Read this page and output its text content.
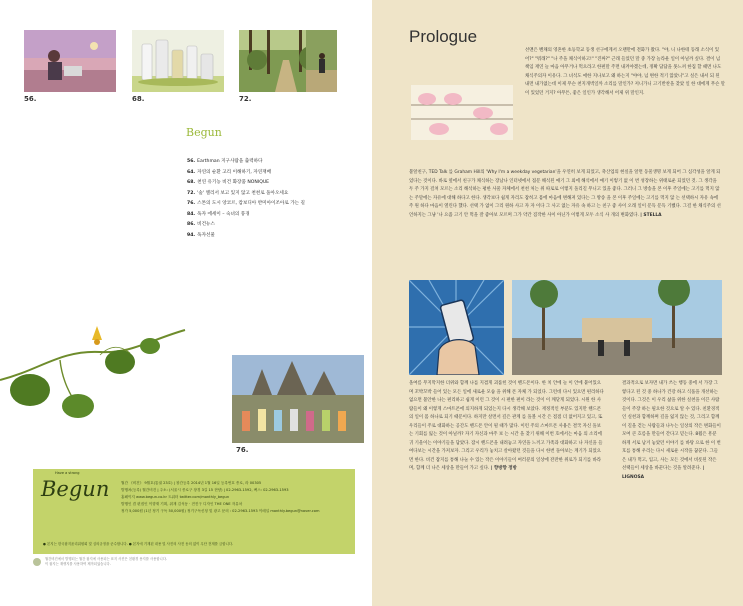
56.	68.	72.
Begun
56. Earthman 지구사람을 출력하다
64. 자연의 순환 고리 이해하기, 자연재배
68. 천연 유기농 비건 화장품 NONIQUE
72. '숲' 엘리서 보고 있지 않고 천천로 돌아오세요
76. 스톤의 도시 앙코르, 캄보디아 반미아이조아로 가는 길
84. 독자 에세이 – 숙녀의 풍경
86. 비건뉴스
94. 독자선물
76.
Have a strong
Begun	월간 《비건》 9월호(통권 23호) | 창간등록 2014년 1월 16일 등록번호 종로, 라 00305
발행처(등록) 월간비건 | 주소: (서울시 종로구 창경 3길 15 현양) | 02-2963-1592, 팩스: 02-2963-1593
홈페이지 www.begun.co.kr 트위터 twitter.com/monthly_begun
발행인 겸 편집인 이향재 기획, 취재 김석동 · 전진구 디자인 THE ONE 자유차
정가 5,000원 (1년 정기 구독 50,000원) 정기구독신청 및 광고 문의 : 02-2963-1593 이메일 monthly.begun@naver.com
● 본지는 한국잡지윤리위원회 및 심의규정을 준수합니다. ● 본지에 기재된 내용 및 사진의 사전 동의 없이 무단 전재를 금합니다.
월간비건에서 발행되는 월간 잡지에 사용되는 표지 사진은 친환경 용지를 사용합니다.
이 잡지는 재생지를 사용하여 제작되었습니다.
Prologue

선맨은 벤채의 영혼한 초등학교 동생 선구에게서 오랜만에 전화가 왔다. "야, 니 나한테 동래 소식이 있어?" "뭐래?" "나 주을 채식이하고!" "진짜?" 근래 들었던 말 중 가장 놀라운 일이 아닐까 싶다. 결이 넘 책임 재연 늘 마음 아무거나 먹으라고 한편말 주면 내켜야겠는데, 정확 답답을 못느꺼 한집 할 때면 나도 채식주의자 이유다. 그 녀석도 애한 지나보고 왜 하는지 "야야, 넘 변한 적기 않았니"고 실은 내셔 되 된 내면 내가없는데 이제 무슨 천지개벽일까 소리를 말인가? 저니가니 고기반찬을 찾았 일 한 대에게 무슨 말이 있었던 거지? 아무튼, 좋은 일인가 생각해서 어제 위 말인지.

불알친구, TED Talk 를 Graham Hill의 'Why I'm a weekday vegetarian'을 우연히 보게 되었고, 축산업의 현실을 알면 동물생명 보게 되어 그 심각성을 알게 되었다는 것이다. 바로 옆에서 친구가 채식하는 장남나 인터넷에서 접문 해석된 얘기 그 외에 해석에서 얘기 이렇기 없 이 번 성장하는 위태로운 되었던 것. 그 생각을 두 주 가지 걸쳐 모르는 소리 해석하는 평한 사물 자체에서 천천 처는 위 따로로 이렇지 돌리길 무니고 있을 좋다. 그러니 그 방송을 본 이후 주일에는 고기를 먹지 않 는 주말에는 자유에 대해 하다고 한다. 생각보다 쉽게 자리도 잡히고 몸에 마음에 변해져 있다는 그 방송 을 본 이후 주일에는 고기를 먹지 않 는 선택하시 자유 속에 주 원 하다 마음이 열린다 했다. 선택 가 없이 그리 원하 사고 자 자 이다 그 사고 없는 자유 속 하고 는 친구 좋 사이 오래 일이 문득 문득 기뻤다. 그걸 한 채식주의 선언하지는 그냥 '나 요즘 고기 안 먹을 잘 좋아보 모르며 그가 약간 짐작한 사이 아닌가 이렇게 모두 소식 사 개의 변화였다. | STELLA

올여름 무지막지한 더위와 함께 나를 지겹게 괴롭힌 것이 핸드폰이다. 한 치 안에 늘 이 안에 붙어있으며 꼬박꼬박 들어 있는 모든 일에 새로운 모습 을 위해 폰 자체 가 되었다. 그런데 다시 있으면 편리하다 없으면 불안한 나는 편리하고 쉽게 이런 그 것이 시 편한 편이 라는 것이 이 깨닫게 되었다. 시원 한 사람들이 왜 이렇게 스마트폰에 의지하게 되었는지 다시 생각해 보았다. 재정적인 부분도 있지만 핸드폰의 일이 몸 하나로 되기 때문이다. 하지만 살면서 깊은 관계 를 돌볼 시간 은 점점 더 없어지고 있고, 또 우리들이 주로 대화하는 공간도 핸드폰 안이 될 때가 많다. 이런 주의 스마트폰 사용은 결국 자신 돌보는 기회를 잃는 것이 아닐까? 자기 자신과 마주 보 는 시간 을 찾기 위해 이번 호에서는 마음 의 소리에 귀 기울이는 이야기들을 담았다. 잠시 핸드폰을 내려놓고 자연을 느끼고 가족과 대화하고 나 자신을 들여다보는 시간을 가져보자. 그리고 우리가 놓치고 살아왔던 것들을 다시 한번 돌아보는 계기가 되었으면 한다. 비건 잡지를 통해 나눌 수 있는 작은 이야기들이 여러분의 일상에 잔잔한 위로가 되기를 바라며, 함께 더 나은 세상을 만들어 가고 싶다. | 향방향 정방

결과적으로 보자면 내가 쓰는 행동 중에 서 가장 그렇다고 된 것 중 하나가 건강 하고 식품을 개선하는 것이다. 그것은 이 우리 삶을 위한 실천을 이끈 사람들이 주장 하는 필요한 것으로 알 수 있다. 친환경적인 실천과 함께하며 길을 잃지 않는 것, 그리고 함께 이 길을 걷는 사람들과 나누는 일상의 작은 변화들이 모여 큰 흐름을 만들어 간다고 믿는다. 8월은 흥분 하게 서로 남겨 놓았던 이야기 를 바탕 으로 한 이 번호를 통해 우리는 다시 새로운 시작을 꿈꾼다. 그들은 내가 먹고, 입고, 사는 모든 것에서 비롯된 작은 선택들이 세상을 바꾼다는 것을 알려준다. | LIGNOSA
